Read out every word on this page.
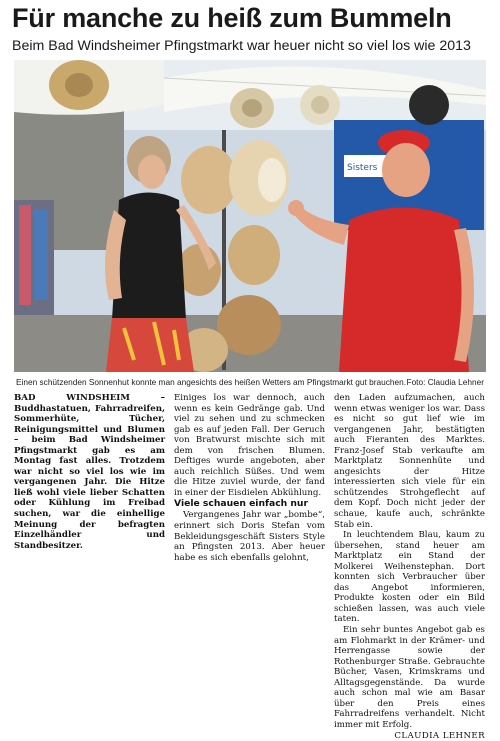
Für manche zu heiß zum Bummeln
Beim Bad Windsheimer Pfingstmarkt war heuer nicht so viel los wie 2013
Sisters
Einen schützenden Sonnenhut konnte man angesichts des heißen Wetters am Pfingstmarkt gut brauchen. Foto: Claudia Lehner

BAD WINDSHEIM – Buddhastatuen, Fahrradreifen, Sommerhüte, Tücher, Reinigungsmittel und Blumen – beim Bad Windsheimer Pfingstmarkt gab es am Montag fast alles. Trotzdem war nicht so viel los wie im vergangenen Jahr. Die Hitze ließ wohl viele lieber Schatten oder Kühlung im Freibad suchen, war die einhellige Meinung der befragten Einzelhändler und Standbesitzer.

Einiges los war dennoch, auch wenn es kein Gedränge gab. Und viel zu sehen und zu schmecken gab es auf jeden Fall. Der Geruch von Bratwurst mischte sich mit dem von frischen Blumen. Deftiges wurde angeboten, aber auch reichlich Süßes. Und wem die Hitze zuviel wurde, der fand in einer der Eisdielen Abkühlung.

Viele schauen einfach nur

Vergangenes Jahr war „bombe“, erinnert sich Doris Stefan vom Bekleidungsgeschäft Sisters Style an Pfingsten 2013. Aber heuer habe es sich ebenfalls gelohnt,

den Laden aufzumachen, auch wenn etwas weniger los war. Dass es nicht so gut lief wie im vergangenen Jahr, bestätigten auch Fieranten des Marktes. Franz-Josef Stab verkaufte am Marktplatz Sonnenhüte und angesichts der Hitze interessierten sich viele für ein schützendes Strohgeflecht auf dem Kopf. Doch nicht jeder der schaue, kaufe auch, schränkte Stab ein.

In leuchtendem Blau, kaum zu übersehen, stand heuer am Marktplatz ein Stand der Molkerei Weihenstephan. Dort konnten sich Verbraucher über das Angebot informieren, Produkte kosten oder ein Bild schießen lassen, was auch viele taten.

Ein sehr buntes Angebot gab es am Flohmarkt in der Krämer- und Herrengasse sowie der Rothenburger Straße. Gebrauchte Bücher, Vasen, Krimskrams und Alltagsgegenstände. Da wurde auch schon mal wie am Basar über den Preis eines Fahrradreifens verhandelt. Nicht immer mit Erfolg.

CLAUDIA LEHNER
